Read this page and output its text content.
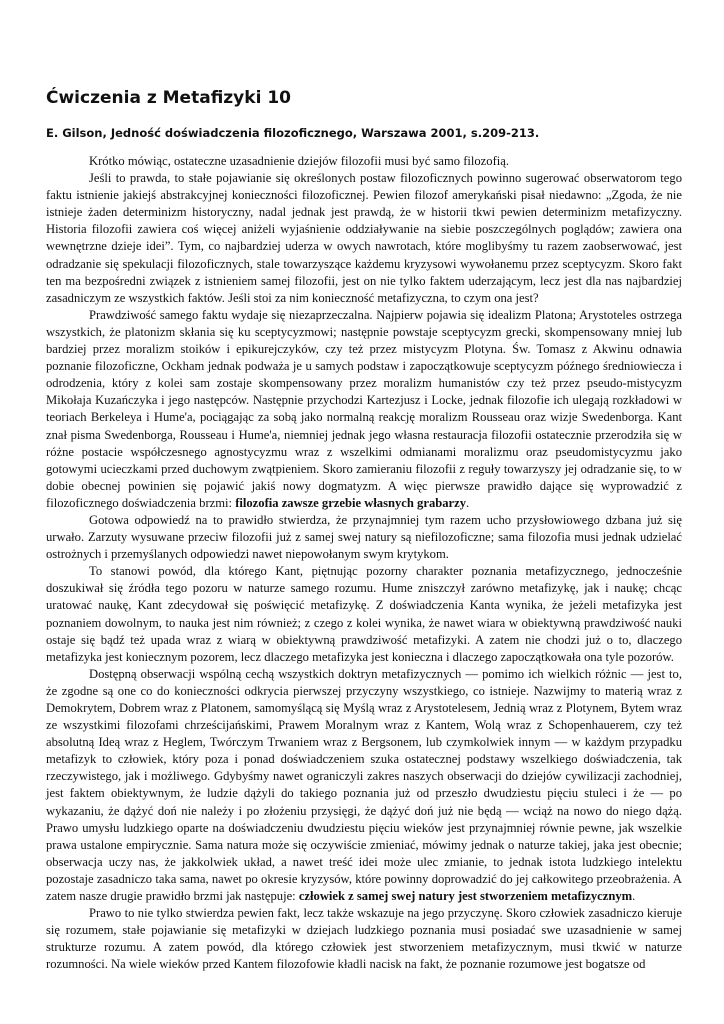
Ćwiczenia z Metafizyki 10
E. Gilson, Jedność doświadczenia filozoficznego, Warszawa 2001, s.209-213.

Krótko mówiąc, ostateczne uzasadnienie dziejów filozofii musi być samo filozofią.

Jeśli to prawda, to stałe pojawianie się określonych postaw filozoficznych powinno sugerować obserwatorom tego faktu istnienie jakiejś abstrakcyjnej konieczności filozoficznej. Pewien filozof amerykański pisał niedawno: „Zgoda, że nie istnieje żaden determinizm historyczny, nadal jednak jest prawdą, że w historii tkwi pewien determinizm metafizyczny. Historia filozofii zawiera coś więcej aniżeli wyjaśnienie oddziaływanie na siebie poszczególnych poglądów; zawiera ona wewnętrzne dzieje idei”. Tym, co najbardziej uderza w owych nawrotach, które moglibyśmy tu razem zaobserwować, jest odradzanie się spekulacji filozoficznych, stale towarzyszące każdemu kryzysowi wywołanemu przez sceptycyzm. Skoro fakt ten ma bezpośredni związek z istnieniem samej filozofii, jest on nie tylko faktem uderzającym, lecz jest dla nas najbardziej zasadniczym ze wszystkich faktów. Jeśli stoi za nim konieczność metafizyczna, to czym ona jest?

Prawdziwość samego faktu wydaje się niezaprzeczalna. Najpierw pojawia się idealizm Platona; Arystoteles ostrzega wszystkich, że platonizm skłania się ku sceptycyzmowi; następnie powstaje sceptycyzm grecki, skompensowany mniej lub bardziej przez moralizm stoików i epikurejczyków, czy też przez mistycyzm Plotyna. Św. Tomasz z Akwinu odnawia poznanie filozoficzne, Ockham jednak podważa je u samych podstaw i zapoczątkowuje sceptycyzm późnego średniowiecza i odrodzenia, który z kolei sam zostaje skompensowany przez moralizm humanistów czy też przez pseudo-mistycyzm Mikołaja Kuzańczyka i jego następców. Następnie przychodzi Kartezjusz i Locke, jednak filozofie ich ulegają rozkładowi w teoriach Berkeleya i Hume'a, pociągając za sobą jako normalną reakcję moralizm Rousseau oraz wizje Swedenborga. Kant znał pisma Swedenborga, Rousseau i Hume'a, niemniej jednak jego własna restauracja filozofii ostatecznie przerodziła się w różne postacie współczesnego agnostycyzmu wraz z wszelkimi odmianami moralizmu oraz pseudomistycyzmu jako gotowymi ucieczkami przed duchowym zwątpieniem. Skoro zamieraniu filozofii z reguły towarzyszy jej odradzanie się, to w dobie obecnej powinien się pojawić jakiś nowy dogmatyzm. A więc pierwsze prawidło dające się wyprowadzić z filozoficznego doświadczenia brzmi: filozofia zawsze grzebie własnych grabarzy.

Gotowa odpowiedź na to prawidło stwierdza, że przynajmniej tym razem ucho przysłowiowego dzbana już się urwało. Zarzuty wysuwane przeciw filozofii już z samej swej natury są niefilozoficzne; sama filozofia musi jednak udzielać ostrożnych i przemyślanych odpowiedzi nawet niepowołanym swym krytykom.

To stanowi powód, dla którego Kant, piętnując pozorny charakter poznania metafizycznego, jednocześnie doszukiwał się źródła tego pozoru w naturze samego rozumu. Hume zniszczył zarówno metafizykę, jak i naukę; chcąc uratować naukę, Kant zdecydował się poświęcić metafizykę. Z doświadczenia Kanta wynika, że jeżeli metafizyka jest poznaniem dowolnym, to nauka jest nim również; z czego z kolei wynika, że nawet wiara w obiektywną prawdziwość nauki ostaje się bądź też upada wraz z wiarą w obiektywną prawdziwość metafizyki. A zatem nie chodzi już o to, dlaczego metafizyka jest koniecznym pozorem, lecz dlaczego metafizyka jest konieczna i dlaczego zapoczątkowała ona tyle pozorów.

Dostępną obserwacji wspólną cechą wszystkich doktryn metafizycznych — pomimo ich wielkich różnic — jest to, że zgodne są one co do konieczności odkrycia pierwszej przyczyny wszystkiego, co istnieje. Nazwijmy to materią wraz z Demokrytem, Dobrem wraz z Platonem, samomyślącą się Myślą wraz z Arystotelesem, Jednią wraz z Plotynem, Bytem wraz ze wszystkimi filozofami chrześcijańskimi, Prawem Moralnym wraz z Kantem, Wolą wraz z Schopenhauerem, czy też absolutną Ideą wraz z Heglem, Twórczym Trwaniem wraz z Bergsonem, lub czymkolwiek innym — w każdym przypadku metafizyk to człowiek, który poza i ponad doświadczeniem szuka ostatecznej podstawy wszelkiego doświadczenia, tak rzeczywistego, jak i możliwego. Gdybyśmy nawet ograniczyli zakres naszych obserwacji do dziejów cywilizacji zachodniej, jest faktem obiektywnym, że ludzie dążyli do takiego poznania już od przeszło dwudziestu pięciu stuleci i że — po wykazaniu, że dążyć doń nie należy i po złożeniu przysięgi, że dążyć doń już nie będą — wciąż na nowo do niego dążą. Prawo umysłu ludzkiego oparte na doświadczeniu dwudziestu pięciu wieków jest przynajmniej równie pewne, jak wszelkie prawa ustalone empirycznie. Sama natura może się oczywiście zmieniać, mówimy jednak o naturze takiej, jaka jest obecnie; obserwacja uczy nas, że jakkolwiek układ, a nawet treść idei może ulec zmianie, to jednak istota ludzkiego intelektu pozostaje zasadniczo taka sama, nawet po okresie kryzysów, które powinny doprowadzić do jej całkowitego przeobrażenia. A zatem nasze drugie prawidło brzmi jak następuje: człowiek z samej swej natury jest stworzeniem metafizycznym.

Prawo to nie tylko stwierdza pewien fakt, lecz także wskazuje na jego przyczynę. Skoro człowiek zasadniczo kieruje się rozumem, stałe pojawianie się metafizyki w dziejach ludzkiego poznania musi posiadać swe uzasadnienie w samej strukturze rozumu. A zatem powód, dla którego człowiek jest stworzeniem metafizycznym, musi tkwić w naturze rozumności. Na wiele wieków przed Kantem filozofowie kładli nacisk na fakt, że poznanie rozumowe jest bogatsze od
